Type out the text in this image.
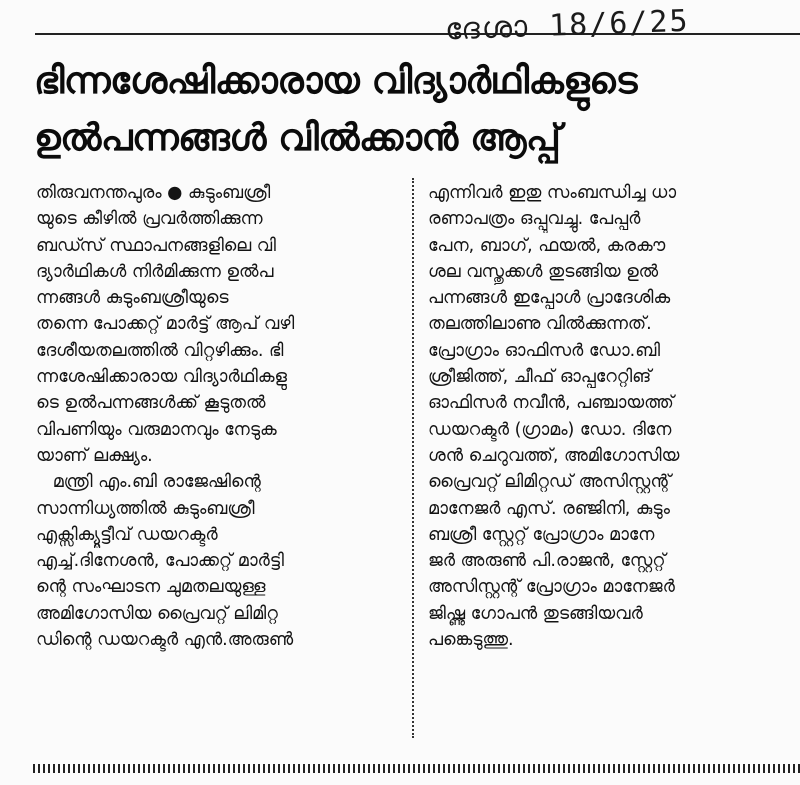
ദേശാ 18/6/25
ഭിന്നശേഷിക്കാരായ വിദ്യാർഥികളുടെ
ഉൽപന്നങ്ങൾ വിൽക്കാൻ ആപ്പ്
തിരുവനന്തപുരം ● കുടുംബശ്രീ
യുടെ കീഴിൽ പ്രവർത്തിക്കുന്ന
ബഡ്സ് സ്ഥാപനങ്ങളിലെ വി
ദ്യാർഥികൾ നിർമിക്കുന്ന ഉൽപ
ന്നങ്ങൾ കുടുംബശ്രീയുടെ
തന്നെ പോക്കറ്റ് മാർട്ട് ആപ് വഴി
ദേശീയതലത്തിൽ വിറ്റഴിക്കും. ഭി
ന്നശേഷിക്കാരായ വിദ്യാർഥികളു
ടെ ഉൽപന്നങ്ങൾക്ക് കൂടുതൽ
വിപണിയും വരുമാനവും നേടുക
യാണ് ലക്ഷ്യം.
മന്ത്രി എം.ബി രാജേഷിന്റെ
സാന്നിധ്യത്തിൽ കുടുംബശ്രീ
എക്സിക്യൂട്ടീവ് ഡയറക്ടർ
എച്ച്.ദിനേശൻ, പോക്കറ്റ് മാർട്ടി
ന്റെ സംഘാടന ചുമതലയുള്ള
അമിഗോസിയ പ്രൈവറ്റ് ലിമിറ്റ
ഡിന്റെ ഡയറക്ടർ എൻ.അരുൺ
എന്നിവർ ഇതു സംബന്ധിച്ച ധാ
രണാപത്രം ഒപ്പുവച്ചു. പേപ്പർ
പേന, ബാഗ്, ഫയൽ, കരകൗ
ശല വസ്തുക്കൾ തുടങ്ങിയ ഉൽ
പന്നങ്ങൾ ഇപ്പോൾ പ്രാദേശിക
തലത്തിലാണു വിൽക്കുന്നത്.
പ്രോഗ്രാം ഓഫിസർ ഡോ.ബി
ശ്രീജിത്ത്, ചീഫ് ഓപ്പറേറ്റിങ്
ഓഫിസർ നവീൻ, പഞ്ചായത്ത്
ഡയറക്ടർ (ഗ്രാമം) ഡോ. ദിനേ
ശൻ ചെറുവത്ത്, അമിഗോസിയ
പ്രൈവറ്റ് ലിമിറ്റഡ് അസിസ്റ്റന്റ്
മാനേജർ എസ്. രഞ്ജിനി, കുടും
ബശ്രീ സ്റ്റേറ്റ് പ്രോഗ്രാം മാനേ
ജർ അരുൺ പി.രാജൻ, സ്റ്റേറ്റ്
അസിസ്റ്റന്റ് പ്രോഗ്രാം മാനേജർ
ജിഷ്ണു ഗോപൻ തുടങ്ങിയവർ
പങ്കെടുത്തു.
